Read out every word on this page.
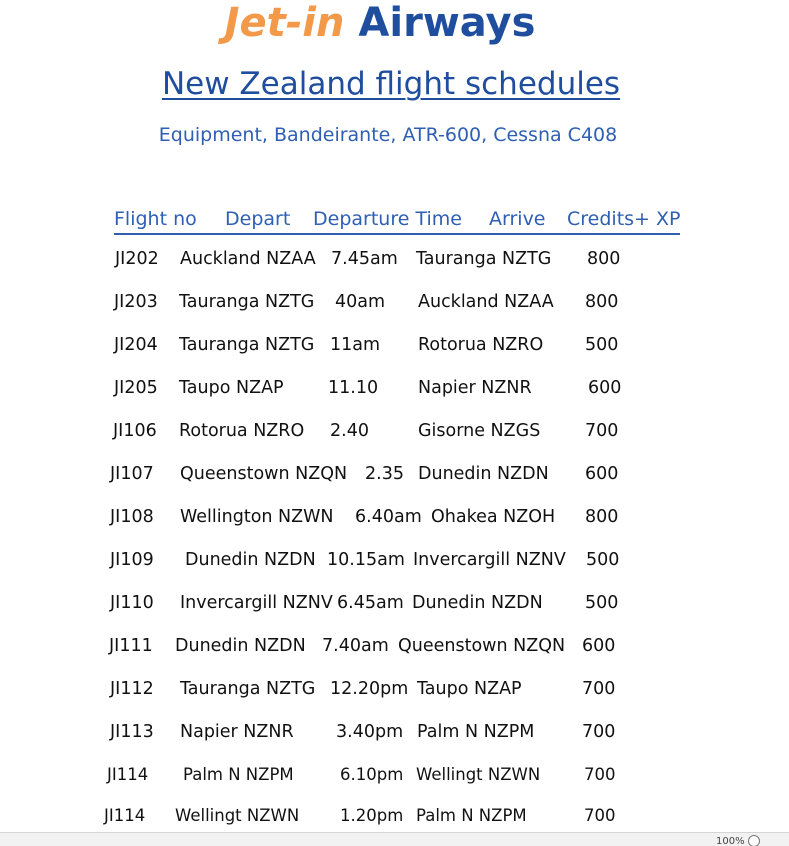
Jet-in Airways
New Zealand flight schedules
Equipment, Bandeirante, ATR-600, Cessna C408
Flight no Depart Departure Time Arrive Credits+ XP
JI202 Auckland NZAA 7.45am Tauranga NZTG 800
JI203 Tauranga NZTG 40am Auckland NZAA 800
JI204 Tauranga NZTG 11am Rotorua NZRO 500
JI205 Taupo NZAP	11.10 Napier NZNR	600
JI106 Rotorua NZRO 2.40	Gisorne NZGS	700
JI107 Queenstown NZQN 2.35 Dunedin NZDN 600
JI108 Wellington NZWN 6.40am Ohakea NZOH 800
JI109 Dunedin NZDN 10.15am Invercargill NZNV 500
JI110 Invercargill NZNV 6.45am Dunedin NZDN 500
JI111 Dunedin NZDN 7.40am Queenstown NZQN 600
JI112 Tauranga NZTG 12.20pm Taupo NZAP	700
JI113 Napier NZNR 3.40pm Palm N NZPM	700
JI114 Palm N NZPM	6.10pm Wellingt NZWN	700
JI114 Wellingt NZWN 1.20pm Palm N NZPM	700
100%
